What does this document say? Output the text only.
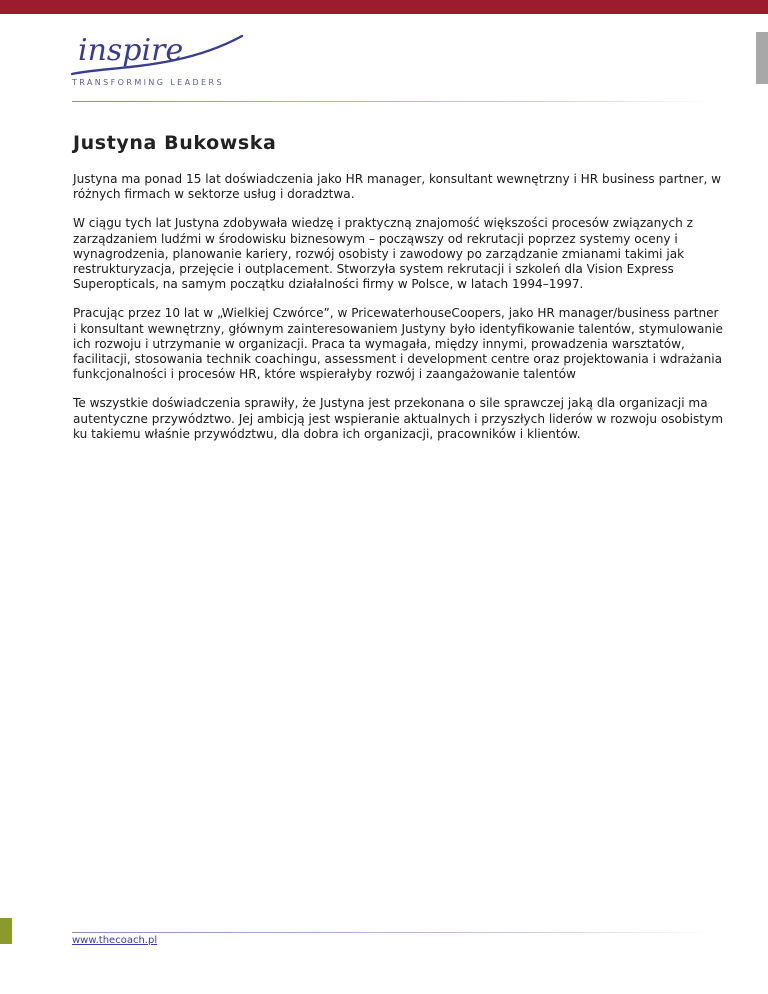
inspire
TRANSFORMING LEADERS
Justyna Bukowska

Justyna ma ponad 15 lat doświadczenia jako HR manager, konsultant wewnętrzny i HR business partner, w różnych firmach w sektorze usług i doradztwa.

W ciągu tych lat Justyna zdobywała wiedzę i praktyczną znajomość większości procesów związanych z zarządzaniem ludźmi w środowisku biznesowym – począwszy od rekrutacji poprzez systemy oceny i wynagrodzenia, planowanie kariery, rozwój osobisty i zawodowy po zarządzanie zmianami takimi jak restrukturyzacja, przejęcie i outplacement. Stworzyła system rekrutacji i szkoleń dla Vision Express Superopticals, na samym początku działalności firmy w Polsce, w latach 1994–1997.

Pracując przez 10 lat w „Wielkiej Czwórce”, w PricewaterhouseCoopers, jako HR manager/business partner i konsultant wewnętrzny, głównym zainteresowaniem Justyny było identyfikowanie talentów, stymulowanie ich rozwoju i utrzymanie w organizacji. Praca ta wymagała, między innymi, prowadzenia warsztatów, facilitacji, stosowania technik coachingu, assessment i development centre oraz projektowania i wdrażania funkcjonalności i procesów HR, które wspierałyby rozwój i zaangażowanie talentów

Te wszystkie doświadczenia sprawiły, że Justyna jest przekonana o sile sprawczej jaką dla organizacji ma autentyczne przywództwo. Jej ambicją jest wspieranie aktualnych i przyszłych liderów w rozwoju osobistym ku takiemu właśnie przywództwu, dla dobra ich organizacji, pracowników i klientów.

www.thecoach.pl
